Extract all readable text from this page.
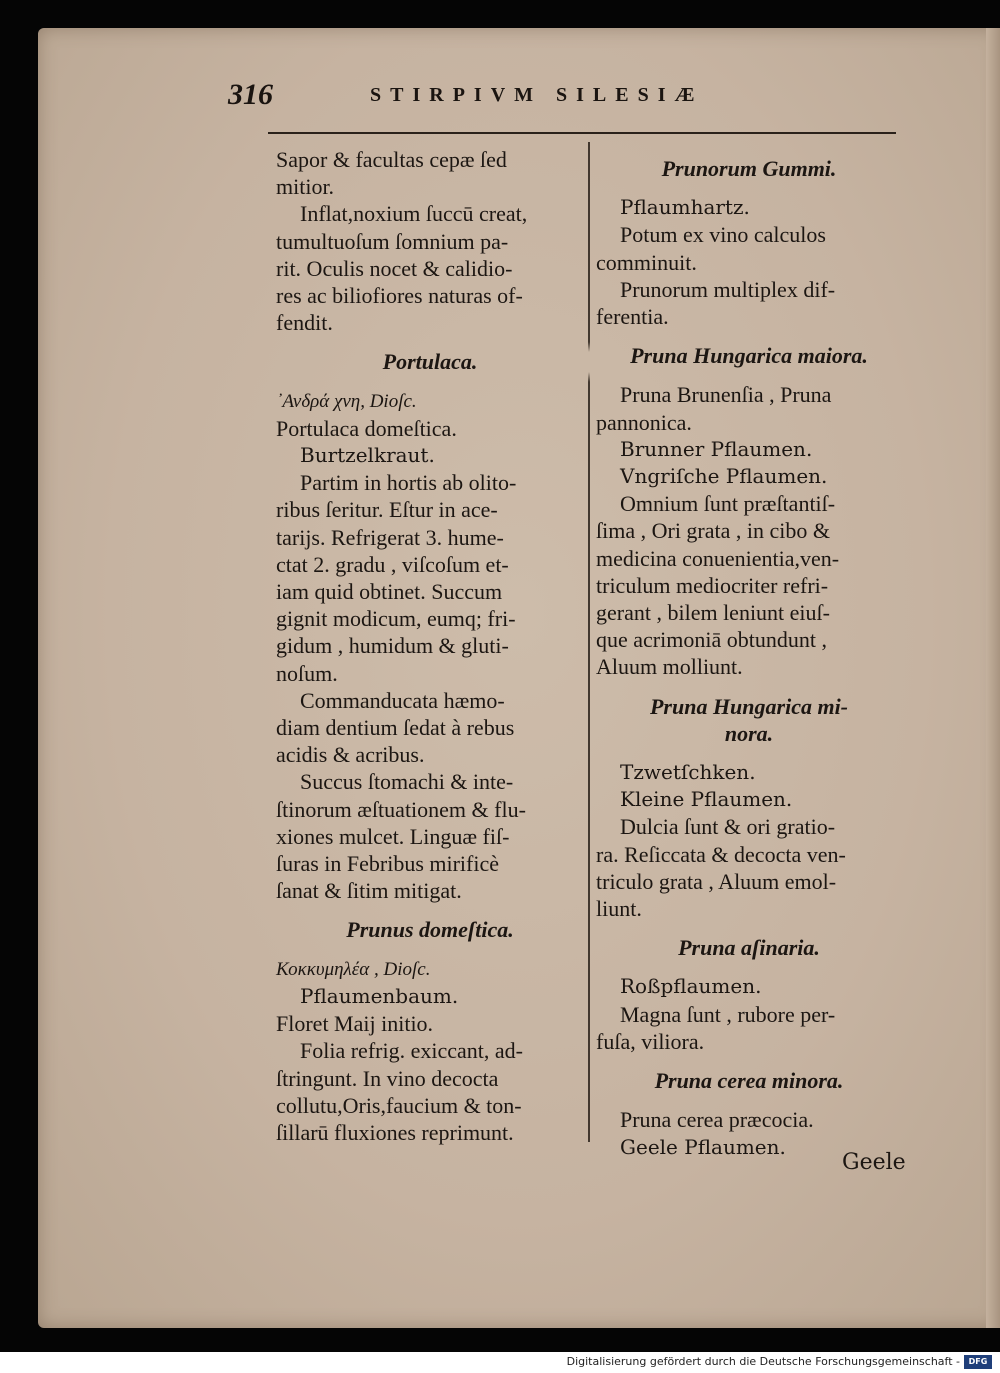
316	STIRPIVM SILESIÆ
Sapor & facultas cepæ ſed
mitior.
Inflat,noxium ſuccū creat,
tumultuoſum ſomnium pa-
rit. Oculis nocet & calidio-
res ac biliofiores naturas of-
fendit.
Portulaca.
᾽Ανδρά χνη, Dioſc.
Portulaca domeſtica.
Burtzelkraut.
Partim in hortis ab olito-
ribus ſeritur. Eſtur in ace-
tarijs. Refrigerat 3. hume-
ctat 2. gradu , viſcoſum et-
iam quid obtinet. Succum
gignit modicum, eumq; fri-
gidum , humidum & gluti-
noſum.
Commanducata hæmo-
diam dentium ſedat à rebus
acidis & acribus.
Succus ſtomachi & inte-
ſtinorum æſtuationem & flu-
xiones mulcet. Linguæ fiſ-
ſuras in Febribus mirificè
ſanat & ſitim mitigat.
Prunus domeſtica.
Κοκκυμηλέα , Dioſc.
Pflaumenbaum.
Floret Maij initio.
Folia refrig. exiccant, ad-
ſtringunt. In vino decocta
collutu,Oris,faucium & ton-
ſillarū fluxiones reprimunt.
Prunorum Gummi.
Pflaumhartz.
Potum ex vino calculos
comminuit.
Prunorum multiplex dif-
ferentia.
Pruna Hungarica maiora.
Pruna Brunenſia , Pruna
pannonica.
Brunner Pflaumen.
Vngriſche Pflaumen.
Omnium ſunt præſtantiſ-
ſima , Ori grata , in cibo &
medicina conuenientia,ven-
triculum mediocriter refri-
gerant , bilem leniunt eiuſ-
que acrimoniā obtundunt ,
Aluum molliunt.
Pruna Hungarica mi-
nora.
Tzwetſchken.
Kleine Pflaumen.
Dulcia ſunt & ori gratio-
ra. Reſiccata & decocta ven-
triculo grata , Aluum emol-
liunt.
Pruna aſinaria.
Roßpflaumen.
Magna ſunt , rubore per-
fuſa, viliora.
Pruna cerea minora.
Pruna cerea præcocia.
Geele Pflaumen.
Geele
Digitalisierung gefördert durch die Deutsche Forschungsgemeinschaft -	DFG
